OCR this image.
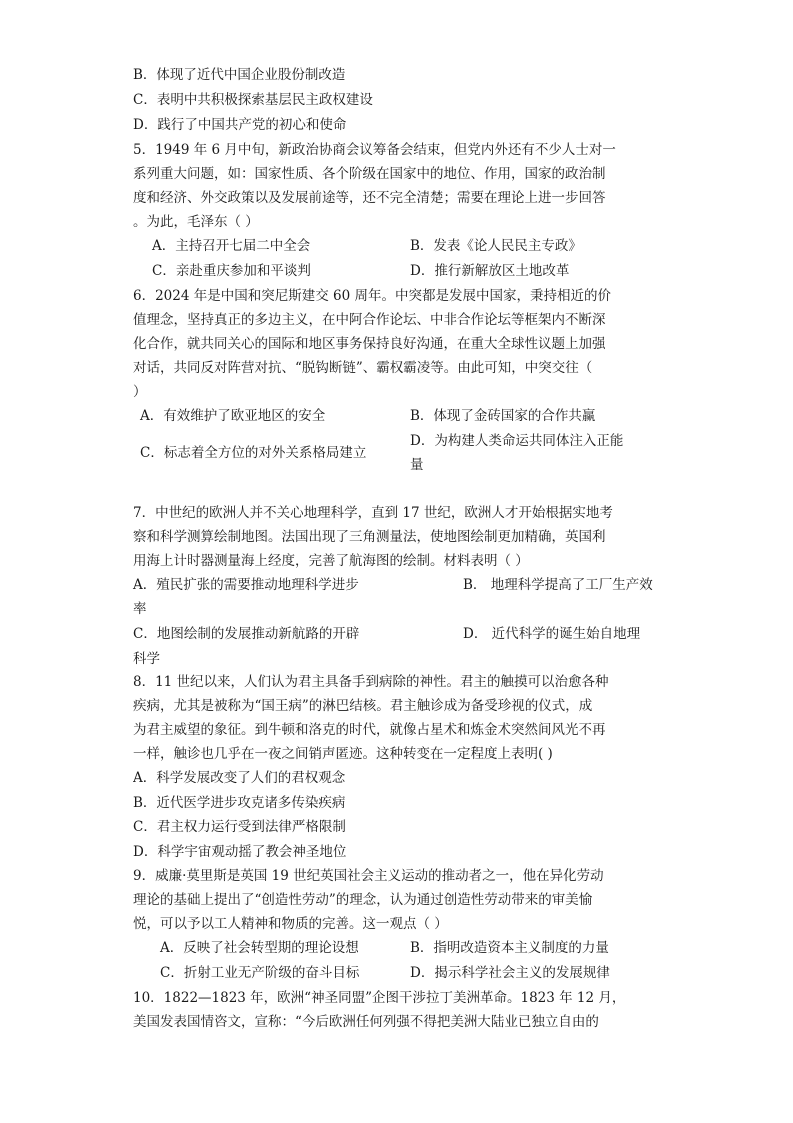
B．体现了近代中国企业股份制改造
C．表明中共积极探索基层民主政权建设
D．践行了中国共产党的初心和使命
5．1949 年 6 月中旬，新政治协商会议筹备会结束，但党内外还有不少人士对一
系列重大问题，如：国家性质、各个阶级在国家中的地位、作用，国家的政治制
度和经济、外交政策以及发展前途等，还不完全清楚；需要在理论上进一步回答
。为此，毛泽东（ ）
A．主持召开七届二中全会	B．发表《论人民民主专政》
C．亲赴重庆参加和平谈判	D．推行新解放区土地改革
6．2024 年是中国和突尼斯建交 60 周年。中突都是发展中国家，秉持相近的价
值理念，坚持真正的多边主义，在中阿合作论坛、中非合作论坛等框架内不断深
化合作，就共同关心的国际和地区事务保持良好沟通，在重大全球性议题上加强
对话，共同反对阵营对抗、“脱钩断链”、霸权霸凌等。由此可知，中突交往（
）
A．有效维护了欧亚地区的安全	B．体现了金砖国家的合作共赢
C．标志着全方位的对外关系格局建立
D．为构建人类命运共同体注入正能
量
7．中世纪的欧洲人并不关心地理科学，直到 17 世纪，欧洲人才开始根据实地考
察和科学测算绘制地图。法国出现了三角测量法，使地图绘制更加精确，英国利
用海上计时器测量海上经度，完善了航海图的绘制。材料表明（ ）
A．殖民扩张的需要推动地理科学进步	B． 地理科学提高了工厂生产效
率
C．地图绘制的发展推动新航路的开辟	D． 近代科学的诞生始自地理
科学
8．11 世纪以来，人们认为君主具备手到病除的神性。君主的触摸可以治愈各种
疾病，尤其是被称为“国王病”的淋巴结核。君主触诊成为备受珍视的仪式，成
为君主威望的象征。到牛顿和洛克的时代，就像占星术和炼金术突然间风光不再
一样，触诊也几乎在一夜之间销声匿迹。这种转变在一定程度上表明( )
A．科学发展改变了人们的君权观念
B．近代医学进步攻克诸多传染疾病
C．君主权力运行受到法律严格限制
D．科学宇宙观动摇了教会神圣地位
9．威廉·莫里斯是英国 19 世纪英国社会主义运动的推动者之一，他在异化劳动
理论的基础上提出了“创造性劳动”的理念，认为通过创造性劳动带来的审美愉
悦，可以予以工人精神和物质的完善。这一观点（ ）
A．反映了社会转型期的理论设想	B．指明改造资本主义制度的力量
C．折射工业无产阶级的奋斗目标	D．揭示科学社会主义的发展规律
10．1822—1823 年，欧洲“神圣同盟”企图干涉拉丁美洲革命。1823 年 12 月，
美国发表国情咨文，宣称：“今后欧洲任何列强不得把美洲大陆业已独立自由的
